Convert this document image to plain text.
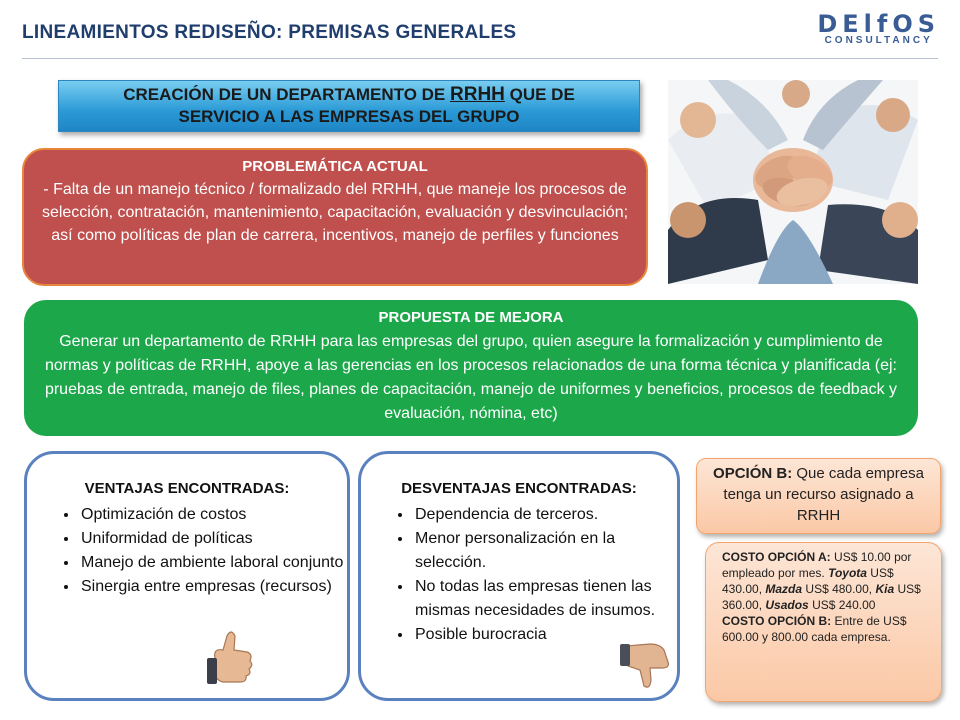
LINEAMIENTOS REDISEÑO: PREMISAS GENERALES	DElfOS
CONSULTANCY
CREACIÓN DE UN DEPARTAMENTO DE RRHH QUE DE
SERVICIO A LAS EMPRESAS DEL GRUPO
PROBLEMÁTICA ACTUAL
- Falta de un manejo técnico / formalizado del RRHH, que maneje los procesos de selección, contratación, mantenimiento, capacitación, evaluación y desvinculación; así como políticas de plan de carrera, incentivos, manejo de perfiles y funciones
PROPUESTA DE MEJORA
Generar un departamento de RRHH para las empresas del grupo, quien asegure la formalización y cumplimiento de normas y políticas de RRHH, apoye a las gerencias en los procesos relacionados de una forma técnica y planificada (ej: pruebas de entrada, manejo de files, planes de capacitación, manejo de uniformes y beneficios, procesos de feedback y evaluación, nómina, etc)
VENTAJAS ENCONTRADAS:
• Optimización de costos
• Uniformidad de políticas
• Manejo de ambiente laboral conjunto
• Sinergia entre empresas (recursos)
DESVENTAJAS ENCONTRADAS:
• Dependencia de terceros.
• Menor personalización en la selección.
• No todas las empresas tienen las mismas necesidades de insumos.
• Posible burocracia
OPCIÓN B: Que cada empresa tenga un recurso asignado a RRHH
COSTO OPCIÓN A: US$ 10.00 por empleado por mes. Toyota US$ 430.00, Mazda US$ 480.00, Kia US$ 360.00, Usados US$ 240.00
COSTO OPCIÓN B: Entre de US$ 600.00 y 800.00 cada empresa.
